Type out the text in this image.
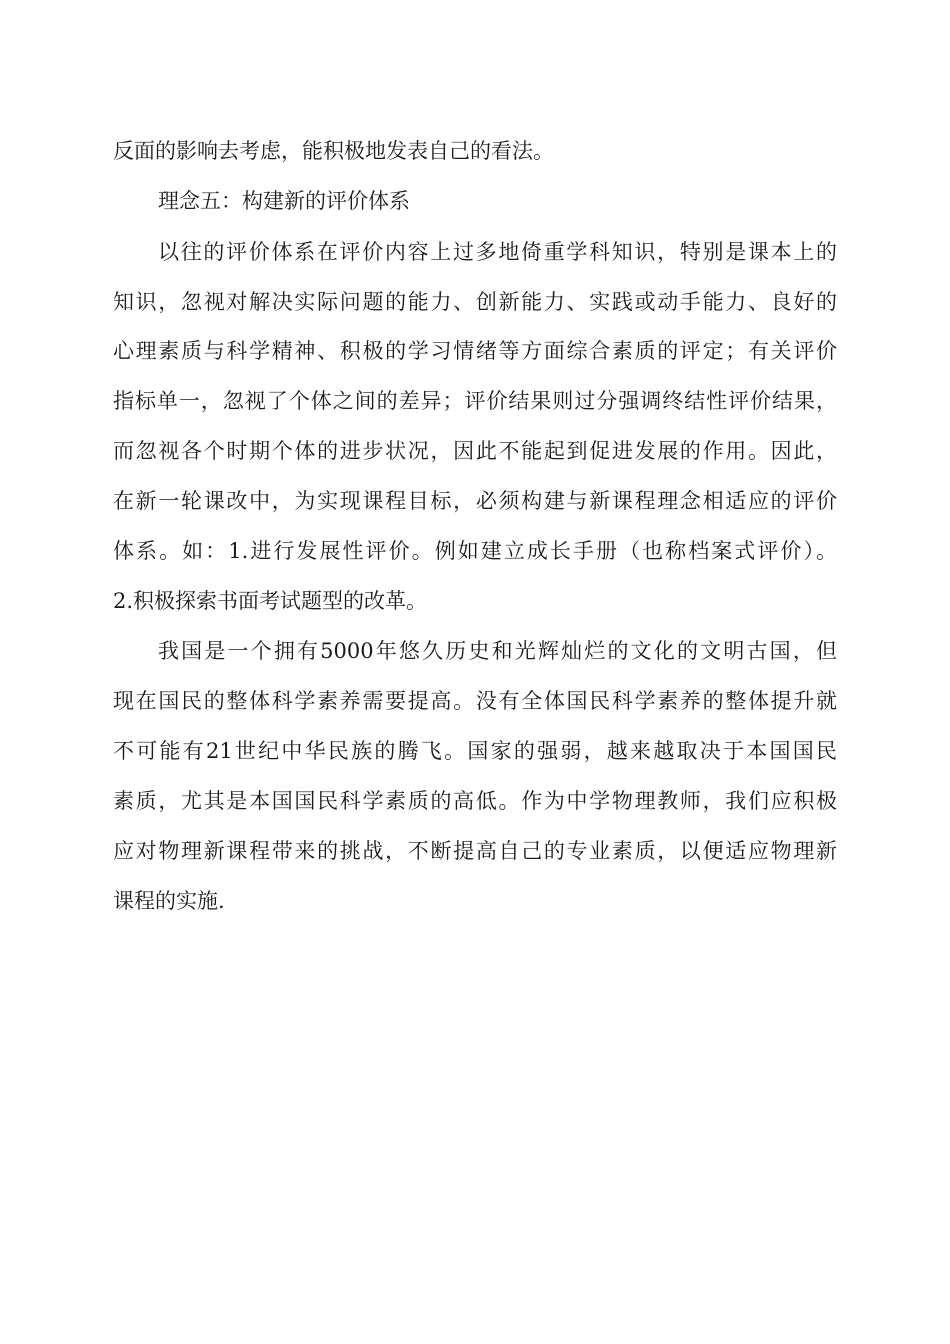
反面的影响去考虑，能积极地发表自己的看法。
理念五：构建新的评价体系
以往的评价体系在评价内容上过多地倚重学科知识，特别是课本上的
知识，忽视对解决实际问题的能力、创新能力、实践或动手能力、良好的
心理素质与科学精神、积极的学习情绪等方面综合素质的评定；有关评价
指标单一，忽视了个体之间的差异；评价结果则过分强调终结性评价结果，
而忽视各个时期个体的进步状况，因此不能起到促进发展的作用。因此，
在新一轮课改中，为实现课程目标，必须构建与新课程理念相适应的评价
体系。如：1.进行发展性评价。例如建立成长手册（也称档案式评价）。
2.积极探索书面考试题型的改革。
我国是一个拥有5000年悠久历史和光辉灿烂的文化的文明古国，但
现在国民的整体科学素养需要提高。没有全体国民科学素养的整体提升就
不可能有21世纪中华民族的腾飞。国家的强弱，越来越取决于本国国民
素质，尤其是本国国民科学素质的高低。作为中学物理教师，我们应积极
应对物理新课程带来的挑战，不断提高自己的专业素质，以便适应物理新
课程的实施.
